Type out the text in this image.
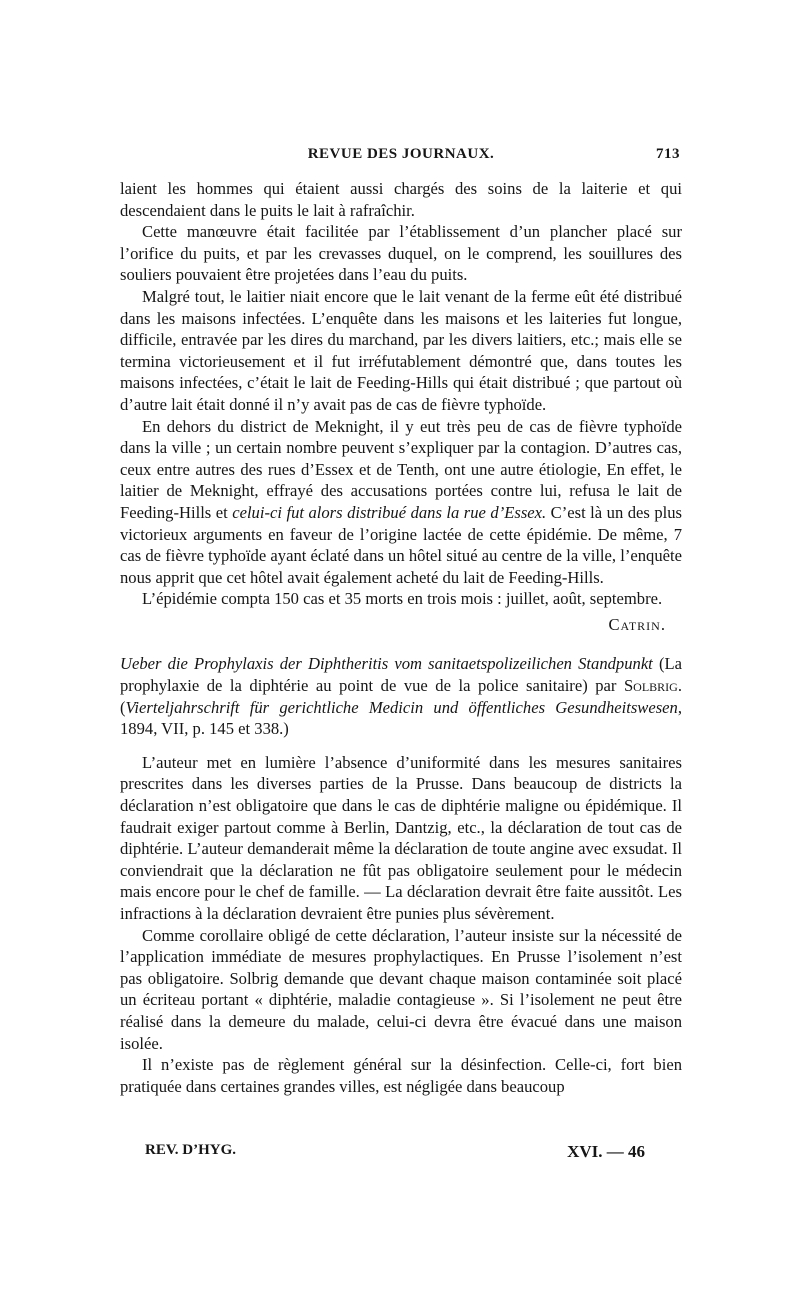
REVUE DES JOURNAUX.	713

laient les hommes qui étaient aussi chargés des soins de la laiterie et qui descendaient dans le puits le lait à rafraîchir.

Cette manœuvre était facilitée par l’établissement d’un plancher placé sur l’orifice du puits, et par les crevasses duquel, on le comprend, les souillures des souliers pouvaient être projetées dans l’eau du puits.

Malgré tout, le laitier niait encore que le lait venant de la ferme eût été distribué dans les maisons infectées. L’enquête dans les maisons et les laiteries fut longue, difficile, entravée par les dires du marchand, par les divers laitiers, etc.; mais elle se termina victorieusement et il fut irréfutablement démontré que, dans toutes les maisons infectées, c’était le lait de Feeding-Hills qui était distribué ; que partout où d’autre lait était donné il n’y avait pas de cas de fièvre typhoïde.

En dehors du district de Meknight, il y eut très peu de cas de fièvre typhoïde dans la ville ; un certain nombre peuvent s’expliquer par la contagion. D’autres cas, ceux entre autres des rues d’Essex et de Tenth, ont une autre étiologie, En effet, le laitier de Meknight, effrayé des accusations portées contre lui, refusa le lait de Feeding-Hills et celui-ci fut alors distribué dans la rue d’Essex. C’est là un des plus victorieux arguments en faveur de l’origine lactée de cette épidémie. De même, 7 cas de fièvre typhoïde ayant éclaté dans un hôtel situé au centre de la ville, l’enquête nous apprit que cet hôtel avait également acheté du lait de Feeding-Hills.

L’épidémie compta 150 cas et 35 morts en trois mois : juillet, août, septembre.

Catrin.

Ueber die Prophylaxis der Diphtheritis vom sanitaetspolizeilichen Standpunkt (La prophylaxie de la diphtérie au point de vue de la police sanitaire) par Solbrig. (Vierteljahrschrift für gerichtliche Medicin und öffentliches Gesundheitswesen, 1894, VII, p. 145 et 338.)

L’auteur met en lumière l’absence d’uniformité dans les mesures sanitaires prescrites dans les diverses parties de la Prusse. Dans beaucoup de districts la déclaration n’est obligatoire que dans le cas de diphtérie maligne ou épidémique. Il faudrait exiger partout comme à Berlin, Dantzig, etc., la déclaration de tout cas de diphtérie. L’auteur demanderait même la déclaration de toute angine avec exsudat. Il conviendrait que la déclaration ne fût pas obligatoire seulement pour le médecin mais encore pour le chef de famille. — La déclaration devrait être faite aussitôt. Les infractions à la déclaration devraient être punies plus sévèrement.

Comme corollaire obligé de cette déclaration, l’auteur insiste sur la nécessité de l’application immédiate de mesures prophylactiques. En Prusse l’isolement n’est pas obligatoire. Solbrig demande que devant chaque maison contaminée soit placé un écriteau portant « diphtérie, maladie contagieuse ». Si l’isolement ne peut être réalisé dans la demeure du malade, celui-ci devra être évacué dans une maison isolée.

Il n’existe pas de règlement général sur la désinfection. Celle-ci, fort bien pratiquée dans certaines grandes villes, est négligée dans beaucoup

REV. D’HYG.	XVI. — 46
